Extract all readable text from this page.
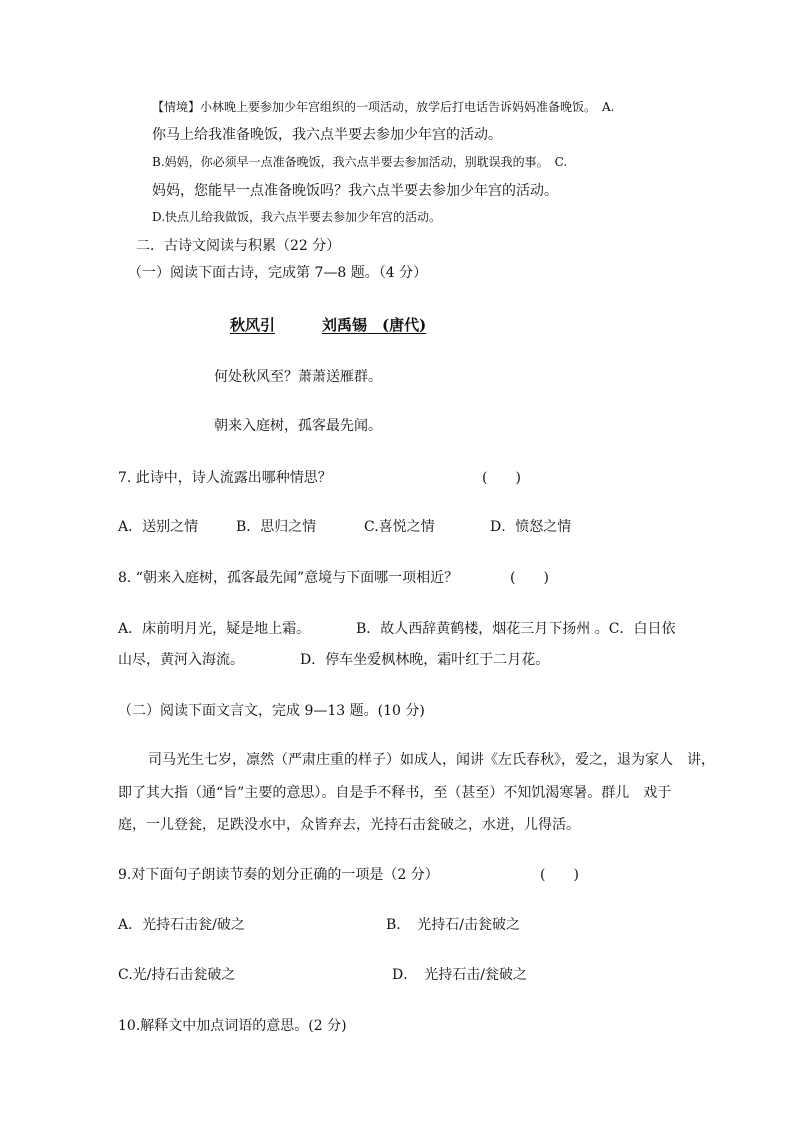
【情境】小林晚上要参加少年宫组织的一项活动，放学后打电话告诉妈妈准备晚饭。　A.
你马上给我准备晚饭，我六点半要去参加少年宫的活动。
B.妈妈，你必须早一点准备晚饭，我六点半要去参加活动，别耽误我的事。　C.
妈妈，您能早一点准备晚饭吗？我六点半要去参加少年宫的活动。
D.快点儿给我做饭，我六点半要去参加少年宫的活动。
二．古诗文阅读与积累（22 分）
（一）阅读下面古诗，完成第 7—8 题。（4 分）
秋风引	刘禹锡　(唐代)
何处秋风至？萧萧送雁群。
朝来入庭树，孤客最先闻。
7. 此诗中，诗人流露出哪种情思？	(　　)
A．送别之情	B．思归之情	C.喜悦之情	D．愤怒之情
8. “朝来入庭树，孤客最先闻”意境与下面哪一项相近？	(　　)
A．床前明月光，疑是地上霜。	B．故人西辞黄鹤楼，烟花三月下扬州 。C．白日依
山尽，黄河入海流。	D．停车坐爱枫林晚，霜叶红于二月花。
（二）阅读下面文言文，完成 9—13 题。(10 分)
司马光生七岁，凛然（严肃庄重的样子）如成人，闻讲《左氏春秋》，爱之，退为家人　讲，
即了其大指（通“旨”主要的意思）。自是手不释书，至（甚至）不知饥渴寒暑。群儿　戏于
庭，一儿登瓮，足跌没水中，众皆弃去，光持石击瓮破之，水迸，儿得活。
9.对下面句子朗读节奏的划分正确的一项是（2 分）	(　　)
A．光持石击瓮/破之	B．　光持石/击瓮破之
C.光/持石击瓮破之	D．　光持石击/瓮破之
10.解释文中加点词语的意思。(2 分)
